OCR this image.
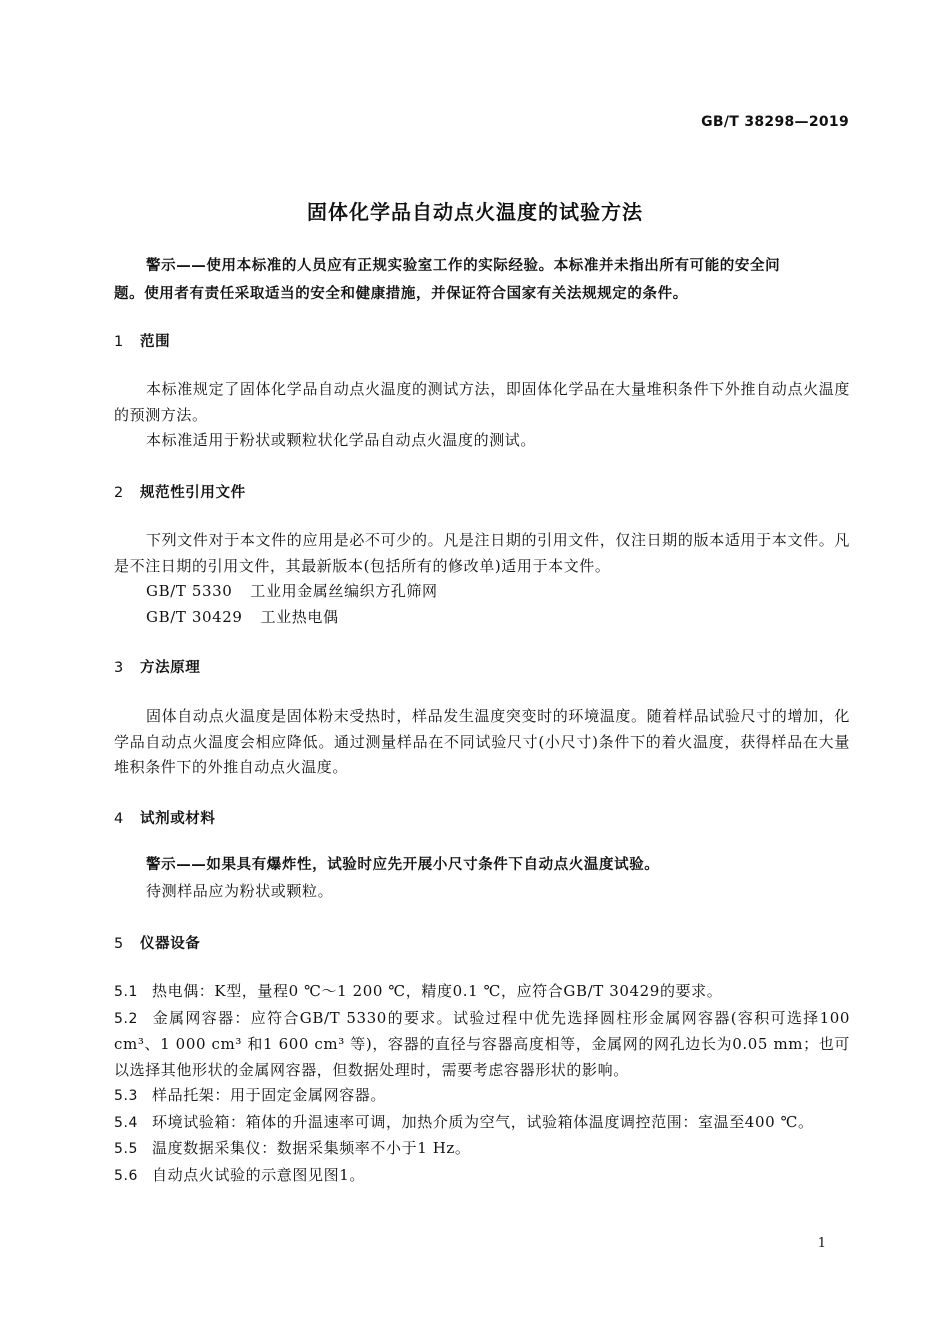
GB/T 38298—2019
固体化学品自动点火温度的试验方法

警示——使用本标准的人员应有正规实验室工作的实际经验。本标准并未指出所有可能的安全问

题。使用者有责任采取适当的安全和健康措施，并保证符合国家有关法规规定的条件。

1 范围

本标准规定了固体化学品自动点火温度的测试方法，即固体化学品在大量堆积条件下外推自动点火温度的预测方法。

本标准适用于粉状或颗粒状化学品自动点火温度的测试。

2 规范性引用文件

下列文件对于本文件的应用是必不可少的。凡是注日期的引用文件，仅注日期的版本适用于本文件。凡是不注日期的引用文件，其最新版本(包括所有的修改单)适用于本文件。

GB/T 5330 工业用金属丝编织方孔筛网
GB/T 30429 工业热电偶
3 方法原理

固体自动点火温度是固体粉末受热时，样品发生温度突变时的环境温度。随着样品试验尺寸的增加，化学品自动点火温度会相应降低。通过测量样品在不同试验尺寸(小尺寸)条件下的着火温度，获得样品在大量堆积条件下的外推自动点火温度。

4 试剂或材料

警示——如果具有爆炸性，试验时应先开展小尺寸条件下自动点火温度试验。

待测样品应为粉状或颗粒。

5 仪器设备

5.1 热电偶：K型，量程0 ℃～1 200 ℃，精度0.1 ℃，应符合GB/T 30429的要求。

5.2 金属网容器：应符合GB/T 5330的要求。试验过程中优先选择圆柱形金属网容器(容积可选择100 cm³、1 000 cm³ 和1 600 cm³ 等)，容器的直径与容器高度相等，金属网的网孔边长为0.05 mm；也可以选择其他形状的金属网容器，但数据处理时，需要考虑容器形状的影响。

5.3 样品托架：用于固定金属网容器。

5.4 环境试验箱：箱体的升温速率可调，加热介质为空气，试验箱体温度调控范围：室温至400 ℃。

5.5 温度数据采集仪：数据采集频率不小于1 Hz。

5.6 自动点火试验的示意图见图1。

1
